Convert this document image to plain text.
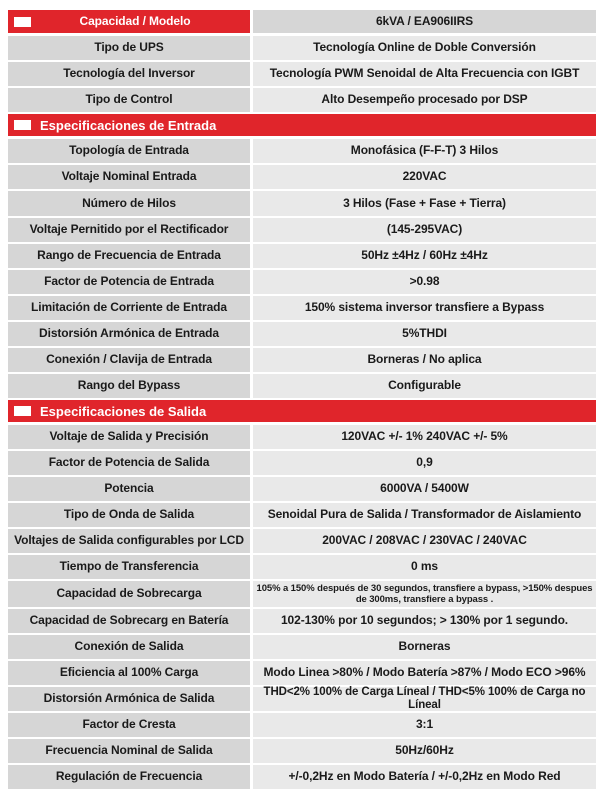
Capacidad / Modelo	6kVA / EA906IIRS
Tipo de UPS	Tecnología Online de Doble Conversión
Tecnología del Inversor	Tecnología PWM Senoidal de Alta Frecuencia con IGBT
Tipo de Control	Alto Desempeño procesado por DSP
Especificaciones de Entrada
Topología de Entrada	Monofásica (F-F-T) 3 Hilos
Voltaje Nominal Entrada	220VAC
Número de Hilos	3 Hilos (Fase + Fase + Tierra)
Voltaje Pernitido por el Rectificador	(145-295VAC)
Rango de Frecuencia de Entrada	50Hz ±4Hz / 60Hz ±4Hz
Factor de Potencia de Entrada	>0.98
Limitación de Corriente de Entrada	150% sistema inversor transfiere a Bypass
Distorsión Armónica de Entrada	5%THDI
Conexión / Clavija de Entrada	Borneras / No aplica
Rango del Bypass	Configurable
Especificaciones de Salida
Voltaje de Salida y Precisión	120VAC +/- 1% 240VAC +/- 5%
Factor de Potencia de Salida	0,9
Potencia	6000VA / 5400W
Tipo de Onda de Salida	Senoidal Pura de Salida / Transformador de Aislamiento
Voltajes de Salida configurables por LCD	200VAC / 208VAC / 230VAC / 240VAC
Tiempo de Transferencia	0 ms
Capacidad de Sobrecarga	105% a 150% después de 30 segundos, transfiere a bypass, >150% despues de 300ms, transfiere a bypass .
Capacidad de Sobrecarg en Batería	102-130% por 10 segundos; > 130% por 1 segundo.
Conexión de Salida	Borneras
Eficiencia al 100% Carga	Modo Linea >80% / Modo Batería >87% / Modo ECO >96%
Distorsión Armónica de Salida	THD<2% 100% de Carga Líneal / THD<5% 100% de Carga no Líneal
Factor de Cresta	3:1
Frecuencia Nominal de Salida	50Hz/60Hz
Regulación de Frecuencia	+/-0,2Hz en Modo Batería / +/-0,2Hz en Modo Red
